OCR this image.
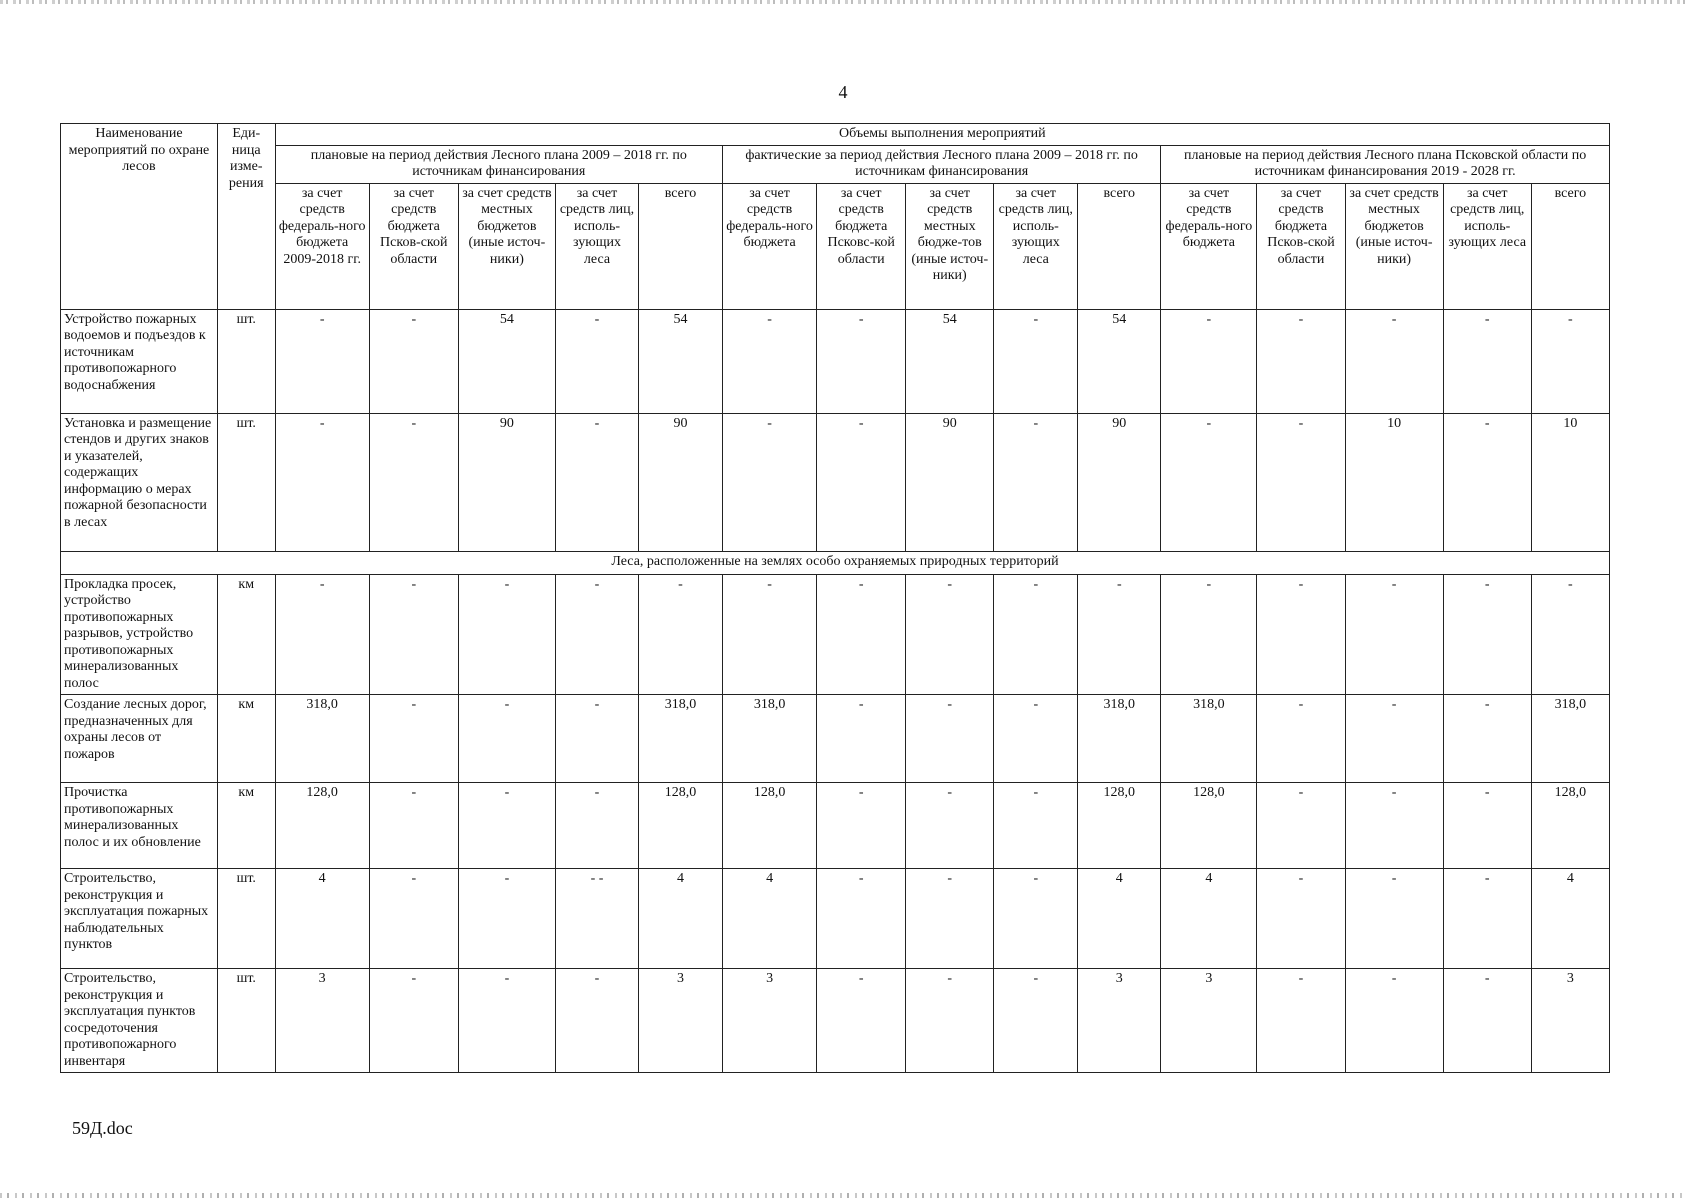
4
Наименование мероприятий по охране лесов	Еди-ница изме-рения	Объемы выполнения мероприятий														
		плановые на период действия Лесного плана 2009 – 2018 гг. по источникам финансирования					фактические за период действия Лесного плана 2009 – 2018 гг. по источникам финансирования					плановые на период действия Лесного плана Псковской области по источникам финансирования 2019 - 2028 гг.				
		за счет средств федераль-ного бюджета 2009-2018 гг.	за счет средств бюджета Псков-ской области	за счет средств местных бюджетов (иные источ-ники)	за счет средств лиц, исполь-зующих леса	всего	за счет средств федераль-ного бюджета	за счет средств бюджета Псковс-кой области	за счет средств местных бюдже-тов (иные источ-ники)	за счет средств лиц, исполь-зующих леса	всего	за счет средств федераль-ного бюджета	за счет средств бюджета Псков-ской области	за счет средств местных бюджетов (иные источ-ники)	за счет средств лиц, исполь-зующих леса	всего
Устройство пожарных водоемов и подъездов к источникам противопожарного водоснабжения	шт.	-	-	54	-	54	-	-	54	-	54	-	-	-	-	-
Установка и размещение стендов и других знаков и указателей, содержащих информацию о мерах пожарной безопасности в лесах	шт.	-	-	90	-	90	-	-	90	-	90	-	-	10	-	10
Леса, расположенные на землях особо охраняемых природных территорий																
Прокладка просек, устройство противопожарных разрывов, устройство противопожарных минерализованных полос	км	-	-	-	-	-	-	-	-	-	-	-	-	-	-	-
Создание лесных дорог, предназначенных для охраны лесов от пожаров	км	318,0	-	-	-	318,0	318,0	-	-	-	318,0	318,0	-	-	-	318,0
Прочистка противопожарных минерализованных полос и их обновление	км	128,0	-	-	-	128,0	128,0	-	-	-	128,0	128,0	-	-	-	128,0
Строительство, реконструкция и эксплуатация пожарных наблюдательных пунктов	шт.	4	-	-	- -	4	4	-	-	-	4	4	-	-	-	4
Строительство, реконструкция и эксплуатация пунктов сосредоточения противопожарного инвентаря	шт.	3	-	-	-	3	3	-	-	-	3	3	-	-	-	3
59Д.doc
